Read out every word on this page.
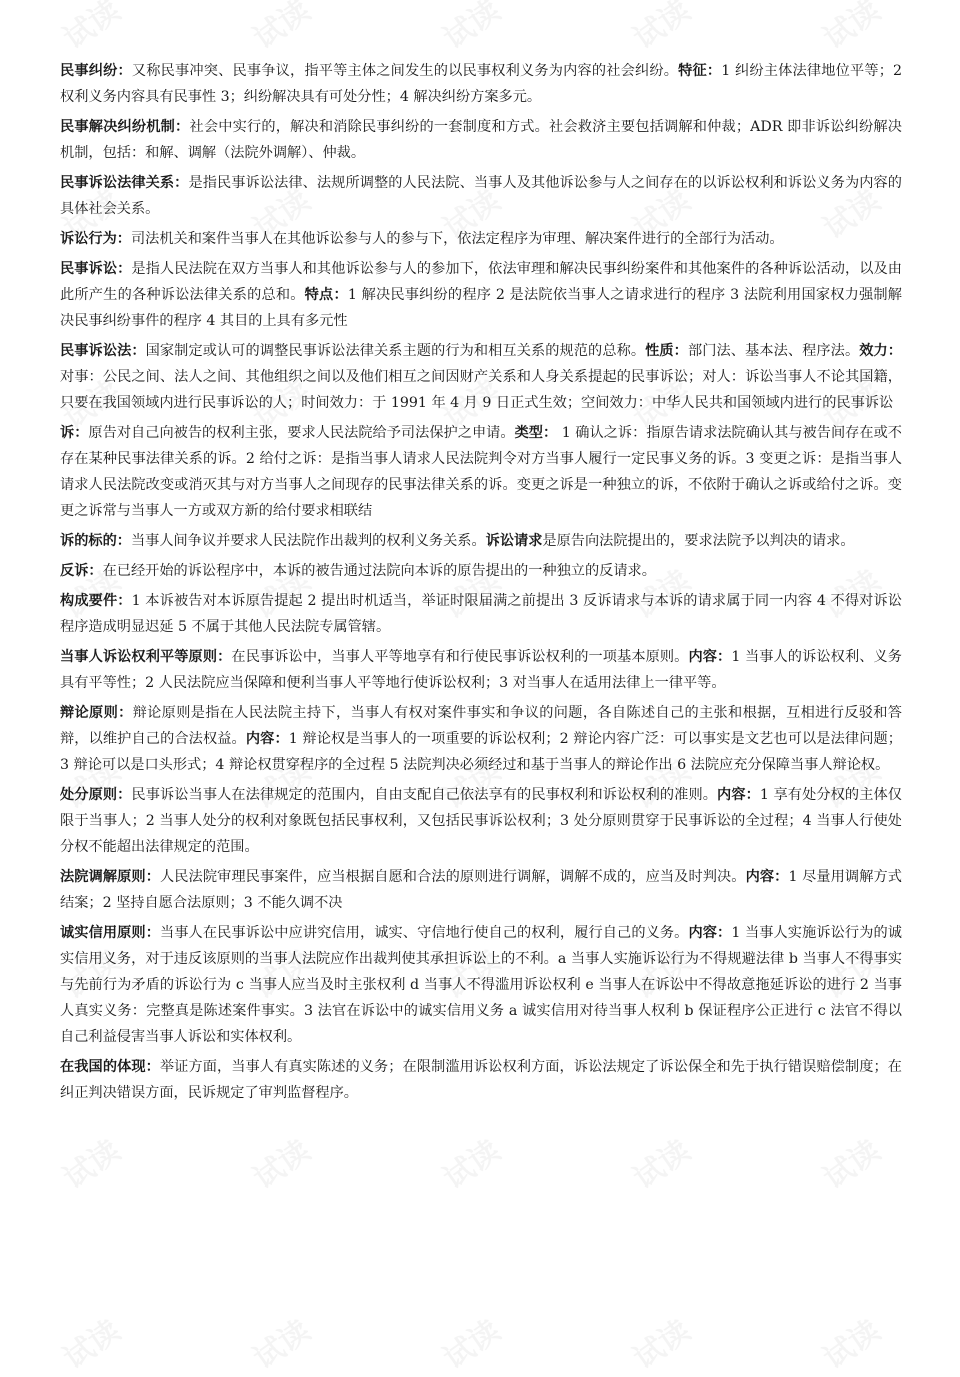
民事纠纷：又称民事冲突、民事争议，指平等主体之间发生的以民事权利义务为内容的社会纠纷。特征：1 纠纷主体法律地位平等；2 权利义务内容具有民事性 3；纠纷解决具有可处分性；4 解决纠纷方案多元。

民事解决纠纷机制：社会中实行的，解决和消除民事纠纷的一套制度和方式。社会救济主要包括调解和仲裁；ADR 即非诉讼纠纷解决机制，包括：和解、调解（法院外调解）、仲裁。

民事诉讼法律关系：是指民事诉讼法律、法规所调整的人民法院、当事人及其他诉讼参与人之间存在的以诉讼权利和诉讼义务为内容的具体社会关系。

诉讼行为：司法机关和案件当事人在其他诉讼参与人的参与下，依法定程序为审理、解决案件进行的全部行为活动。

民事诉讼：是指人民法院在双方当事人和其他诉讼参与人的参加下，依法审理和解决民事纠纷案件和其他案件的各种诉讼活动，以及由此所产生的各种诉讼法律关系的总和。特点：1 解决民事纠纷的程序 2 是法院依当事人之请求进行的程序 3 法院利用国家权力强制解决民事纠纷事件的程序 4 其目的上具有多元性

民事诉讼法：国家制定或认可的调整民事诉讼法律关系主题的行为和相互关系的规范的总称。性质：部门法、基本法、程序法。效力：对事：公民之间、法人之间、其他组织之间以及他们相互之间因财产关系和人身关系提起的民事诉讼；对人：诉讼当事人不论其国籍，只要在我国领域内进行民事诉讼的人；时间效力：于 1991 年 4 月 9 日正式生效；空间效力：中华人民共和国领域内进行的民事诉讼

诉：原告对自己向被告的权利主张，要求人民法院给予司法保护之申请。类型： 1 确认之诉：指原告请求法院确认其与被告间存在或不存在某种民事法律关系的诉。2 给付之诉：是指当事人请求人民法院判令对方当事人履行一定民事义务的诉。3 变更之诉：是指当事人请求人民法院改变或消灭其与对方当事人之间现存的民事法律关系的诉。变更之诉是一种独立的诉，不依附于确认之诉或给付之诉。变更之诉常与当事人一方或双方新的给付要求相联结

诉的标的：当事人间争议并要求人民法院作出裁判的权利义务关系。诉讼请求是原告向法院提出的，要求法院予以判决的请求。

反诉：在已经开始的诉讼程序中，本诉的被告通过法院向本诉的原告提出的一种独立的反请求。

构成要件：1 本诉被告对本诉原告提起 2 提出时机适当，举证时限届满之前提出 3 反诉请求与本诉的请求属于同一内容 4 不得对诉讼程序造成明显迟延 5 不属于其他人民法院专属管辖。

当事人诉讼权利平等原则：在民事诉讼中，当事人平等地享有和行使民事诉讼权利的一项基本原则。内容：1 当事人的诉讼权利、义务具有平等性；2 人民法院应当保障和便利当事人平等地行使诉讼权利；3 对当事人在适用法律上一律平等。

辩论原则：辩论原则是指在人民法院主持下，当事人有权对案件事实和争议的问题，各自陈述自己的主张和根据，互相进行反驳和答辩，以维护自己的合法权益。内容：1 辩论权是当事人的一项重要的诉讼权利；2 辩论内容广泛：可以事实是文艺也可以是法律问题；3 辩论可以是口头形式；4 辩论权贯穿程序的全过程 5 法院判决必须经过和基于当事人的辩论作出 6 法院应充分保障当事人辩论权。

处分原则：民事诉讼当事人在法律规定的范围内，自由支配自己依法享有的民事权利和诉讼权利的准则。内容：1 享有处分权的主体仅限于当事人；2 当事人处分的权利对象既包括民事权利，又包括民事诉讼权利；3 处分原则贯穿于民事诉讼的全过程；4 当事人行使处分权不能超出法律规定的范围。

法院调解原则：人民法院审理民事案件，应当根据自愿和合法的原则进行调解，调解不成的，应当及时判决。内容：1 尽量用调解方式结案；2 坚持自愿合法原则；3 不能久调不决

诚实信用原则：当事人在民事诉讼中应讲究信用，诚实、守信地行使自己的权利，履行自己的义务。内容：1 当事人实施诉讼行为的诚实信用义务，对于违反该原则的当事人法院应作出裁判使其承担诉讼上的不利。a 当事人实施诉讼行为不得规避法律 b 当事人不得事实与先前行为矛盾的诉讼行为 c 当事人应当及时主张权利 d 当事人不得滥用诉讼权利 e 当事人在诉讼中不得故意拖延诉讼的进行 2 当事人真实义务：完整真是陈述案件事实。3 法官在诉讼中的诚实信用义务 a 诚实信用对待当事人权利 b 保证程序公正进行 c 法官不得以自己利益侵害当事人诉讼和实体权利。

在我国的体现：举证方面，当事人有真实陈述的义务；在限制滥用诉讼权利方面，诉讼法规定了诉讼保全和先于执行错误赔偿制度；在纠正判决错误方面，民诉规定了审判监督程序。
